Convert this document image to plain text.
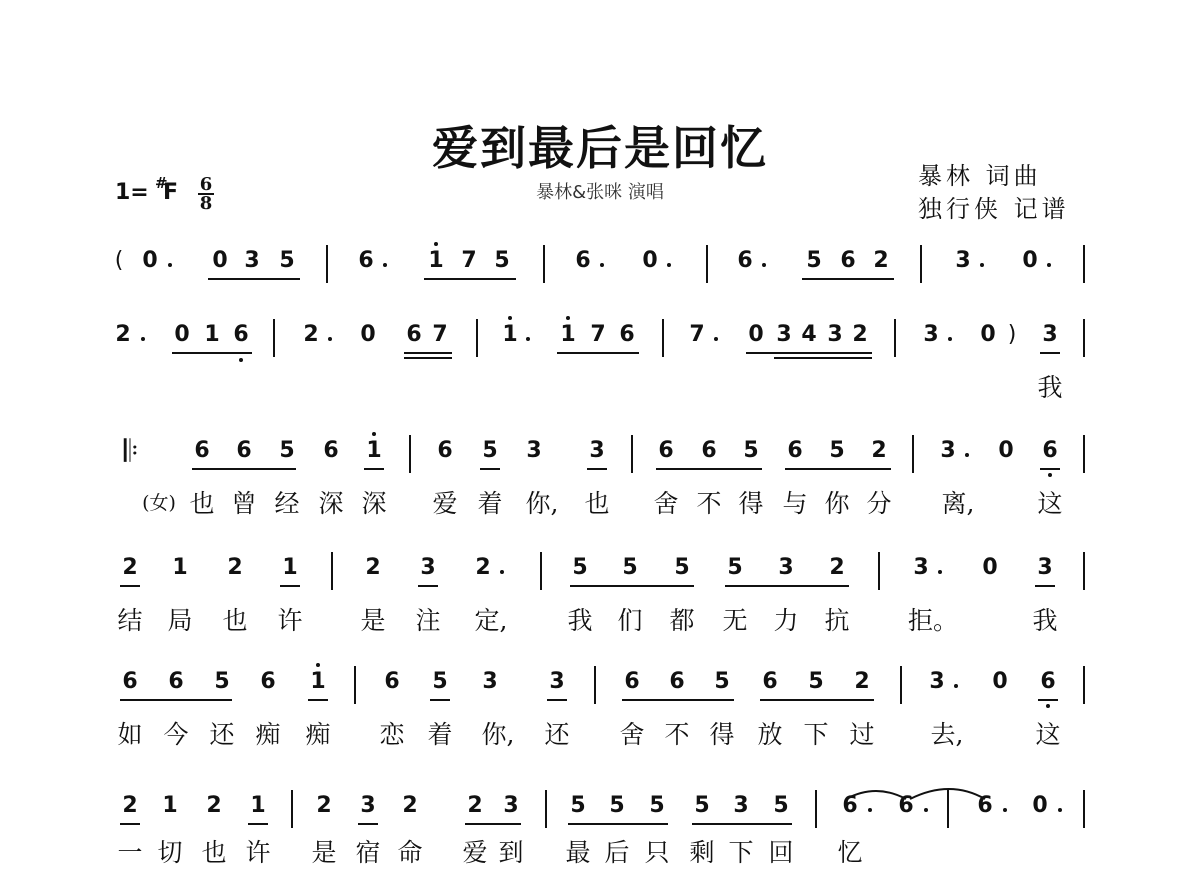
爱到最后是回忆
暴林&张咪 演唱
1= #
F $\frac{6}{8}$	暴林 词曲
独行侠 记谱
( 0 0 3 5	6 1 7 5	6 0	6 5 6 2	3 0
2 0 1 6 2 0 6 7 1 1 7 6 7 0 3 4 3 2	3 0 ) 3
我
𝄆	6 6 5 6 1	6 5 3 3 6 6 5 6 5 2 3 0 6
(女) 也 曾 经 深 深 爱 着 你, 也 舍 不 得 与 你 分 离,	这
2 1 2 1	2 3 2	5 5 5 5 3 2	3 0 3
结 局 也 许 是 注 定, 我 们 都 无 力 抗 拒。	我
6 6 5 6 1	6 5 3 3	6 6 5 6 5 2	3 0 6
如 今 还 痴 痴 恋 着 你, 还 舍 不 得 放 下 过 去,	这
2 1 2 1 2 3 2 2 3 5 5 5 5 3 5 6 6	6 0
一 切 也 许 是 宿 命 爱 到 最 后 只 剩 下 回 忆
